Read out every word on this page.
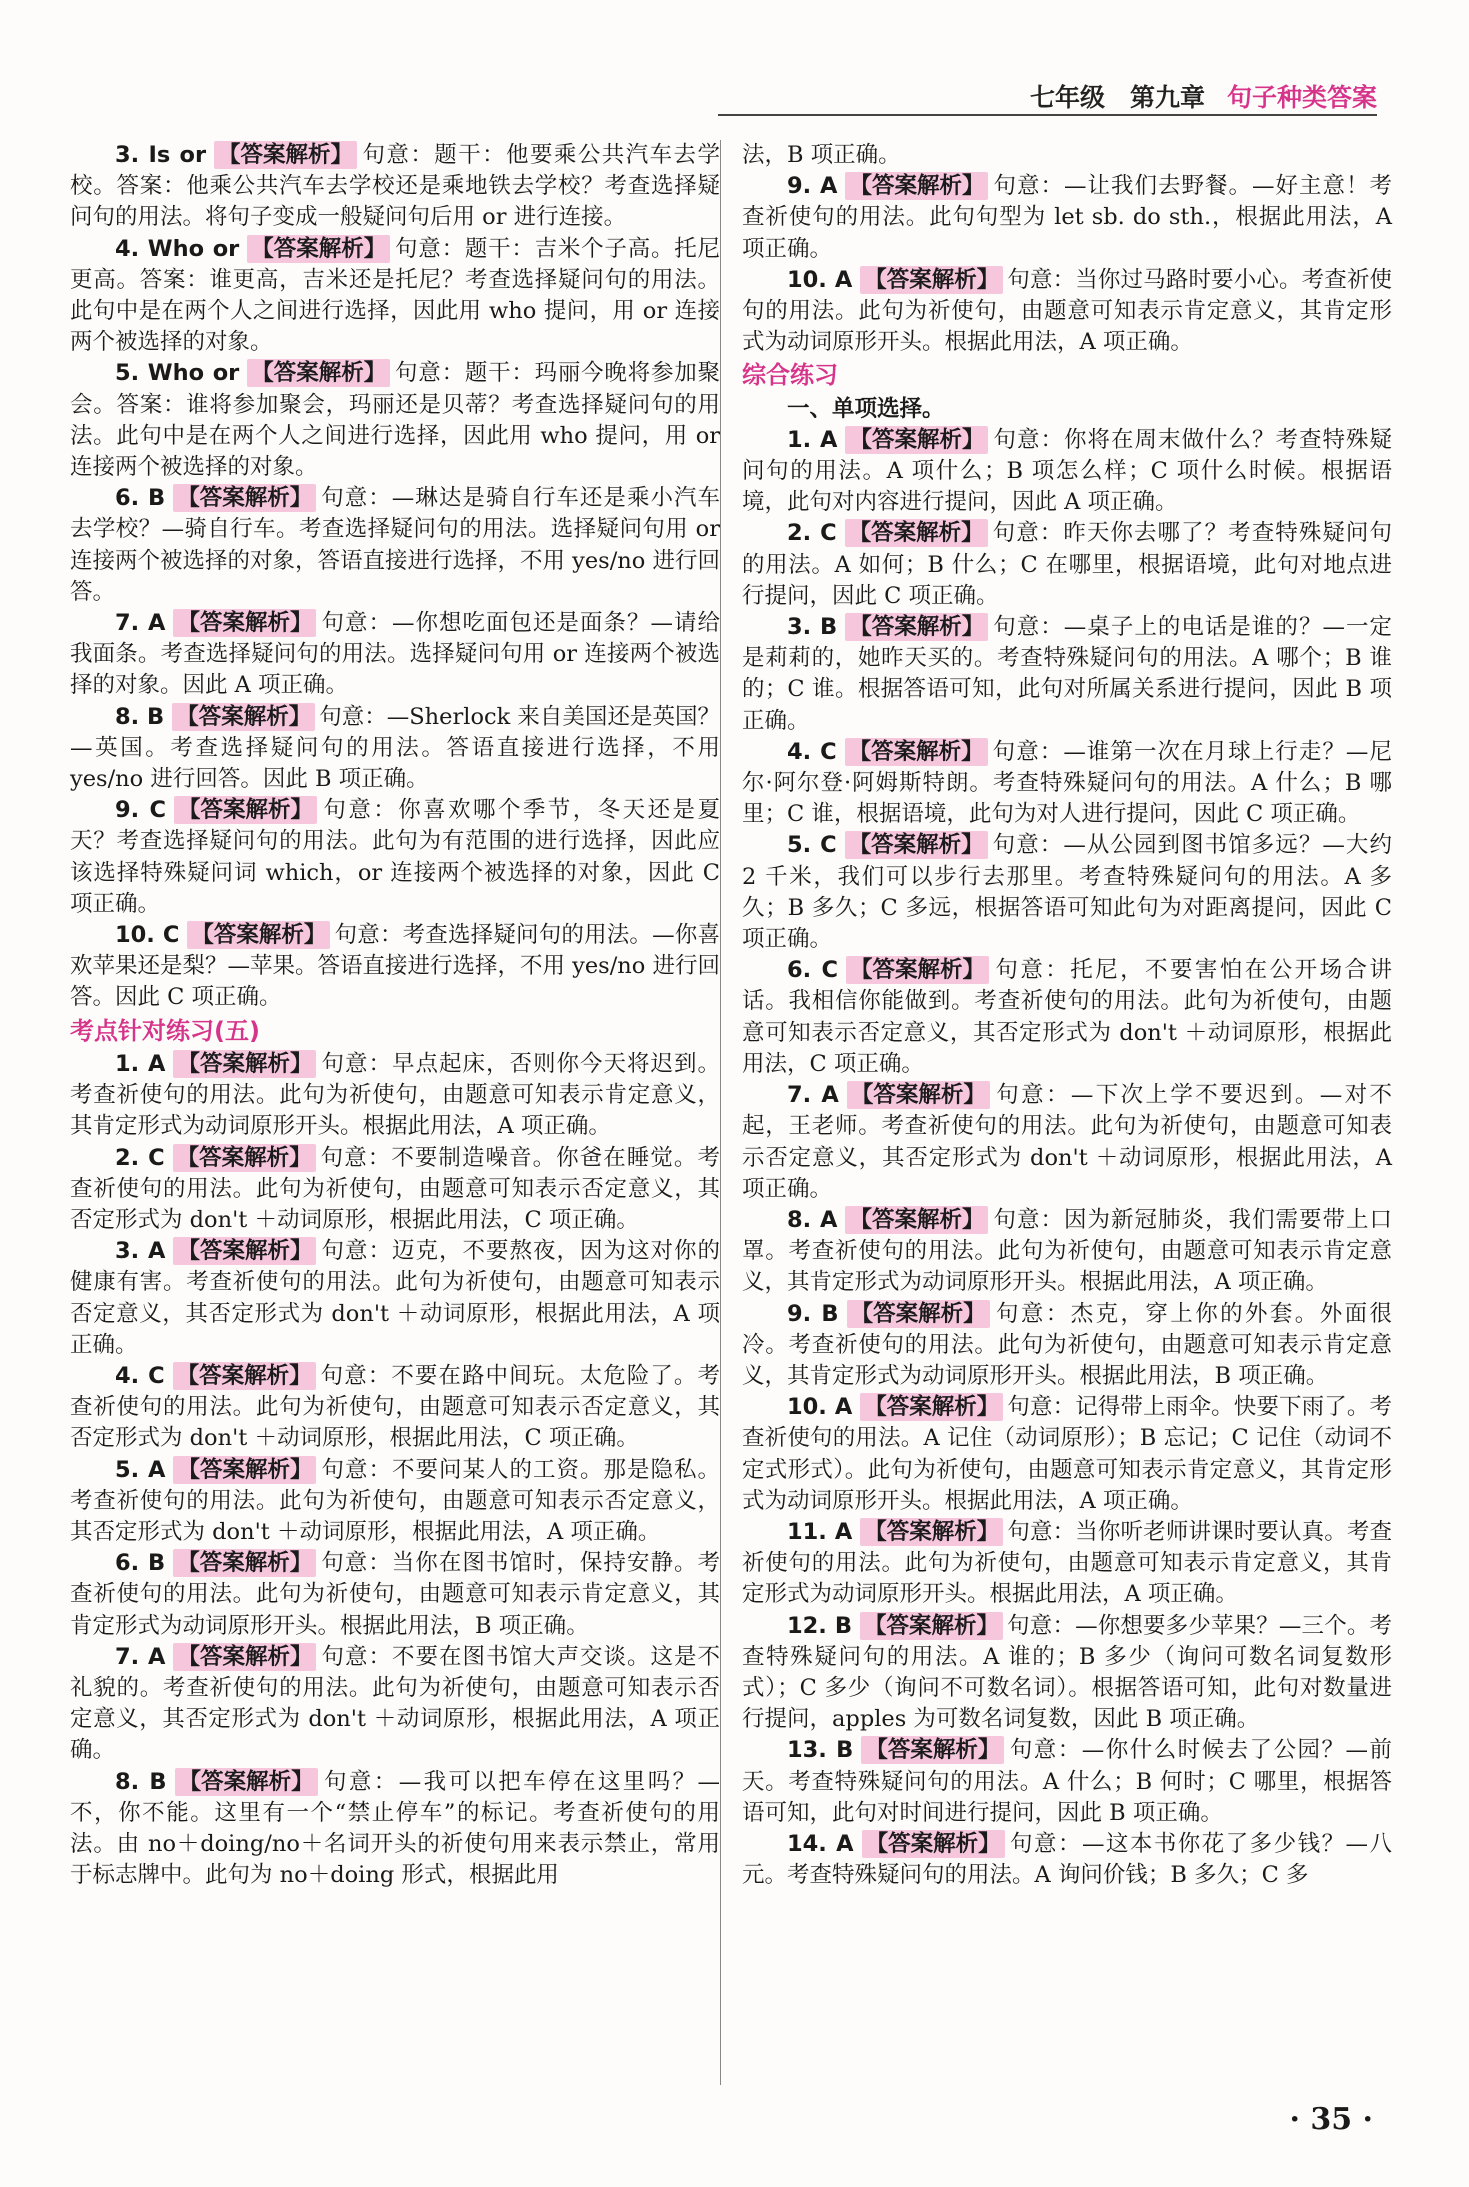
七年级　第九章 句子种类答案
3. Is or 【答案解析】 句意：题干：他要乘公共汽车去学校。答案：他乘公共汽车去学校还是乘地铁去学校？考查选择疑问句的用法。将句子变成一般疑问句后用 or 进行连接。
4. Who or 【答案解析】 句意：题干：吉米个子高。托尼更高。答案：谁更高，吉米还是托尼？考查选择疑问句的用法。此句中是在两个人之间进行选择，因此用 who 提问，用 or 连接两个被选择的对象。
5. Who or 【答案解析】 句意：题干：玛丽今晚将参加聚会。答案：谁将参加聚会，玛丽还是贝蒂？考查选择疑问句的用法。此句中是在两个人之间进行选择，因此用 who 提问，用 or 连接两个被选择的对象。
6. B 【答案解析】 句意：—琳达是骑自行车还是乘小汽车去学校？—骑自行车。考查选择疑问句的用法。选择疑问句用 or 连接两个被选择的对象，答语直接进行选择，不用 yes/no 进行回答。
7. A 【答案解析】 句意：—你想吃面包还是面条？—请给我面条。考查选择疑问句的用法。选择疑问句用 or 连接两个被选择的对象。因此 A 项正确。
8. B 【答案解析】 句意：—Sherlock 来自美国还是英国？—英国。考查选择疑问句的用法。答语直接进行选择，不用 yes/no 进行回答。因此 B 项正确。
9. C 【答案解析】 句意：你喜欢哪个季节，冬天还是夏天？考查选择疑问句的用法。此句为有范围的进行选择，因此应该选择特殊疑问词 which，or 连接两个被选择的对象，因此 C 项正确。
10. C 【答案解析】 句意：考查选择疑问句的用法。—你喜欢苹果还是梨？—苹果。答语直接进行选择，不用 yes/no 进行回答。因此 C 项正确。
考点针对练习(五)
1. A 【答案解析】 句意：早点起床，否则你今天将迟到。考查祈使句的用法。此句为祈使句，由题意可知表示肯定意义，其肯定形式为动词原形开头。根据此用法，A 项正确。
2. C 【答案解析】 句意：不要制造噪音。你爸在睡觉。考查祈使句的用法。此句为祈使句，由题意可知表示否定意义，其否定形式为 don't ＋动词原形，根据此用法，C 项正确。
3. A 【答案解析】 句意：迈克，不要熬夜，因为这对你的健康有害。考查祈使句的用法。此句为祈使句，由题意可知表示否定意义，其否定形式为 don't ＋动词原形，根据此用法，A 项正确。
4. C 【答案解析】 句意：不要在路中间玩。太危险了。考查祈使句的用法。此句为祈使句，由题意可知表示否定意义，其否定形式为 don't ＋动词原形，根据此用法，C 项正确。
5. A 【答案解析】 句意：不要问某人的工资。那是隐私。考查祈使句的用法。此句为祈使句，由题意可知表示否定意义，其否定形式为 don't ＋动词原形，根据此用法，A 项正确。
6. B 【答案解析】 句意：当你在图书馆时，保持安静。考查祈使句的用法。此句为祈使句，由题意可知表示肯定意义，其肯定形式为动词原形开头。根据此用法，B 项正确。
7. A 【答案解析】 句意：不要在图书馆大声交谈。这是不礼貌的。考查祈使句的用法。此句为祈使句，由题意可知表示否定意义，其否定形式为 don't ＋动词原形，根据此用法，A 项正确。
8. B 【答案解析】 句意：—我可以把车停在这里吗？—不，你不能。这里有一个“禁止停车”的标记。考查祈使句的用法。由 no＋doing/no＋名词开头的祈使句用来表示禁止，常用于标志牌中。此句为 no＋doing 形式，根据此用
法，B 项正确。
9. A 【答案解析】 句意：—让我们去野餐。—好主意！考查祈使句的用法。此句句型为 let sb. do sth.，根据此用法，A 项正确。
10. A 【答案解析】 句意：当你过马路时要小心。考查祈使句的用法。此句为祈使句，由题意可知表示肯定意义，其肯定形式为动词原形开头。根据此用法，A 项正确。
综合练习
一、单项选择。
1. A 【答案解析】 句意：你将在周末做什么？考查特殊疑问句的用法。A 项什么；B 项怎么样；C 项什么时候。根据语境，此句对内容进行提问，因此 A 项正确。
2. C 【答案解析】 句意：昨天你去哪了？考查特殊疑问句的用法。A 如何；B 什么；C 在哪里，根据语境，此句对地点进行提问，因此 C 项正确。
3. B 【答案解析】 句意：—桌子上的电话是谁的？—一定是莉莉的，她昨天买的。考查特殊疑问句的用法。A 哪个；B 谁的；C 谁。根据答语可知，此句对所属关系进行提问，因此 B 项正确。
4. C 【答案解析】 句意：—谁第一次在月球上行走？—尼尔·阿尔登·阿姆斯特朗。考查特殊疑问句的用法。A 什么；B 哪里；C 谁，根据语境，此句为对人进行提问，因此 C 项正确。
5. C 【答案解析】 句意：—从公园到图书馆多远？—大约 2 千米，我们可以步行去那里。考查特殊疑问句的用法。A 多久；B 多久；C 多远，根据答语可知此句为对距离提问，因此 C 项正确。
6. C 【答案解析】 句意：托尼，不要害怕在公开场合讲话。我相信你能做到。考查祈使句的用法。此句为祈使句，由题意可知表示否定意义，其否定形式为 don't ＋动词原形，根据此用法，C 项正确。
7. A 【答案解析】 句意：—下次上学不要迟到。—对不起，王老师。考查祈使句的用法。此句为祈使句，由题意可知表示否定意义，其否定形式为 don't ＋动词原形，根据此用法，A 项正确。
8. A 【答案解析】 句意：因为新冠肺炎，我们需要带上口罩。考查祈使句的用法。此句为祈使句，由题意可知表示肯定意义，其肯定形式为动词原形开头。根据此用法，A 项正确。
9. B 【答案解析】 句意：杰克，穿上你的外套。外面很冷。考查祈使句的用法。此句为祈使句，由题意可知表示肯定意义，其肯定形式为动词原形开头。根据此用法，B 项正确。
10. A 【答案解析】 句意：记得带上雨伞。快要下雨了。考查祈使句的用法。A 记住（动词原形）；B 忘记；C 记住（动词不定式形式）。此句为祈使句，由题意可知表示肯定意义，其肯定形式为动词原形开头。根据此用法，A 项正确。
11. A 【答案解析】 句意：当你听老师讲课时要认真。考查祈使句的用法。此句为祈使句，由题意可知表示肯定意义，其肯定形式为动词原形开头。根据此用法，A 项正确。
12. B 【答案解析】 句意：—你想要多少苹果？—三个。考查特殊疑问句的用法。A 谁的；B 多少（询问可数名词复数形式）；C 多少（询问不可数名词）。根据答语可知，此句对数量进行提问，apples 为可数名词复数，因此 B 项正确。
13. B 【答案解析】 句意：—你什么时候去了公园？—前天。考查特殊疑问句的用法。A 什么；B 何时；C 哪里，根据答语可知，此句对时间进行提问，因此 B 项正确。
14. A 【答案解析】 句意：—这本书你花了多少钱？—八元。考查特殊疑问句的用法。A 询问价钱；B 多久；C 多
· 35 ·
